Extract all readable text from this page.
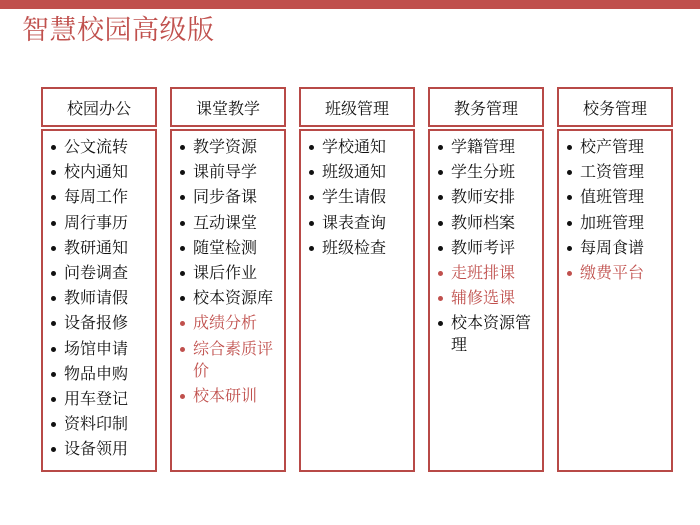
智慧校园高级版
校园办公
公文流转
校内通知
每周工作
周行事历
教研通知
问卷调查
教师请假
设备报修
场馆申请
物品申购
用车登记
资料印制
设备领用
课堂教学
教学资源
课前导学
同步备课
互动课堂
随堂检测
课后作业
校本资源库
成绩分析
综合素质评价
校本研训
班级管理
学校通知
班级通知
学生请假
课表查询
班级检查
教务管理
学籍管理
学生分班
教师安排
教师档案
教师考评
走班排课
辅修选课
校本资源管理
校务管理
校产管理
工资管理
值班管理
加班管理
每周食谱
缴费平台
